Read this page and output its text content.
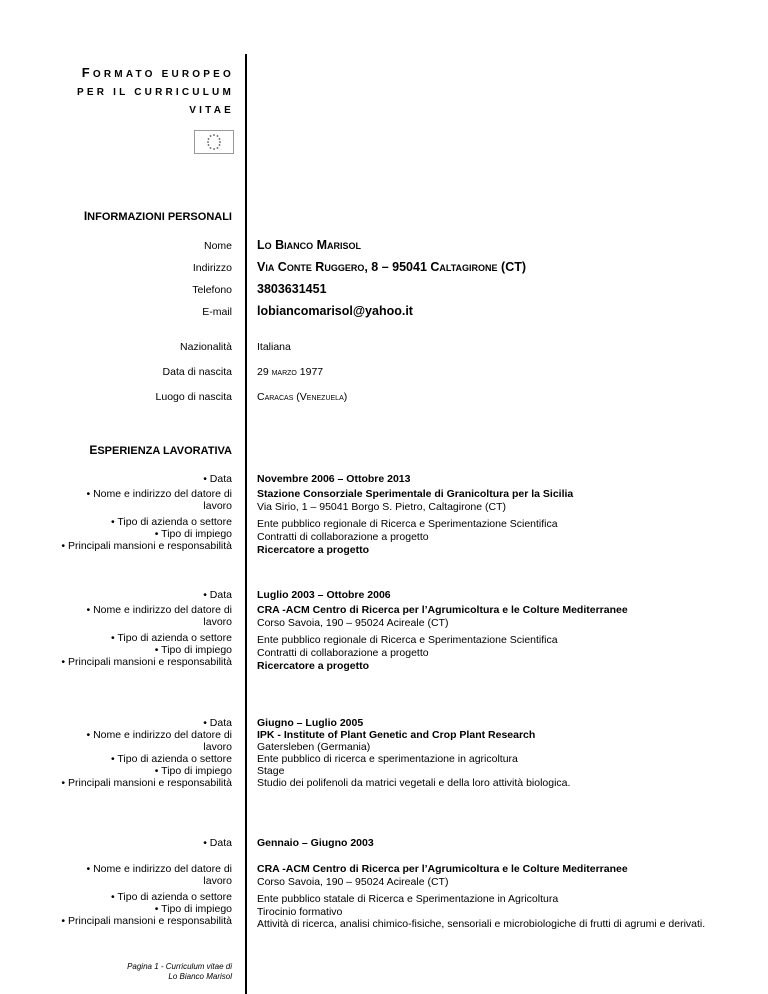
FORMATO EUROPEO
PER IL CURRICULUM
VITAE
INFORMAZIONI PERSONALI
Nome Lo Bianco Marisol
Indirizzo Via Conte Ruggero, 8 – 95041 Caltagirone (CT)
Telefono 3803631451
E-mail lobiancomarisol@yahoo.it
Nazionalità Italiana
Data di nascita 29 marzo 1977
Luogo di nascita Caracas (Venezuela)
ESPERIENZA LAVORATIVA
• Data
• Nome e indirizzo del datore di
lavoro
• Tipo di azienda o settore
• Tipo di impiego
• Principali mansioni e responsabilità
Novembre 2006 – Ottobre 2013
Stazione Consorziale Sperimentale di Granicoltura per la Sicilia
Via Sirio, 1 – 95041 Borgo S. Pietro, Caltagirone (CT)
Ente pubblico regionale di Ricerca e Sperimentazione Scientifica
Contratti di collaborazione a progetto
Ricercatore a progetto
• Data
• Nome e indirizzo del datore di
lavoro
• Tipo di azienda o settore
• Tipo di impiego
• Principali mansioni e responsabilità
Luglio 2003 – Ottobre 2006
CRA -ACM Centro di Ricerca per l’Agrumicoltura e le Colture Mediterranee
Corso Savoia, 190 – 95024 Acireale (CT)
Ente pubblico regionale di Ricerca e Sperimentazione Scientifica
Contratti di collaborazione a progetto
Ricercatore a progetto
• Data
• Nome e indirizzo del datore di
lavoro
• Tipo di azienda o settore
• Tipo di impiego
• Principali mansioni e responsabilità
Giugno – Luglio 2005
IPK - Institute of Plant Genetic and Crop Plant Research
Gatersleben (Germania)
Ente pubblico di ricerca e sperimentazione in agricoltura
Stage
Studio dei polifenoli da matrici vegetali e della loro attività biologica.
• Data Gennaio – Giugno 2003
• Nome e indirizzo del datore di
lavoro
• Tipo di azienda o settore
• Tipo di impiego
• Principali mansioni e responsabilità
CRA -ACM Centro di Ricerca per l’Agrumicoltura e le Colture Mediterranee
Corso Savoia, 190 – 95024 Acireale (CT)
Ente pubblico statale di Ricerca e Sperimentazione in Agricoltura
Tirocinio formativo
Attività di ricerca, analisi chimico-fisiche, sensoriali e microbiologiche di frutti di agrumi e derivati.
Pagina 1 - Curriculum vitae di
Lo Bianco Marisol
